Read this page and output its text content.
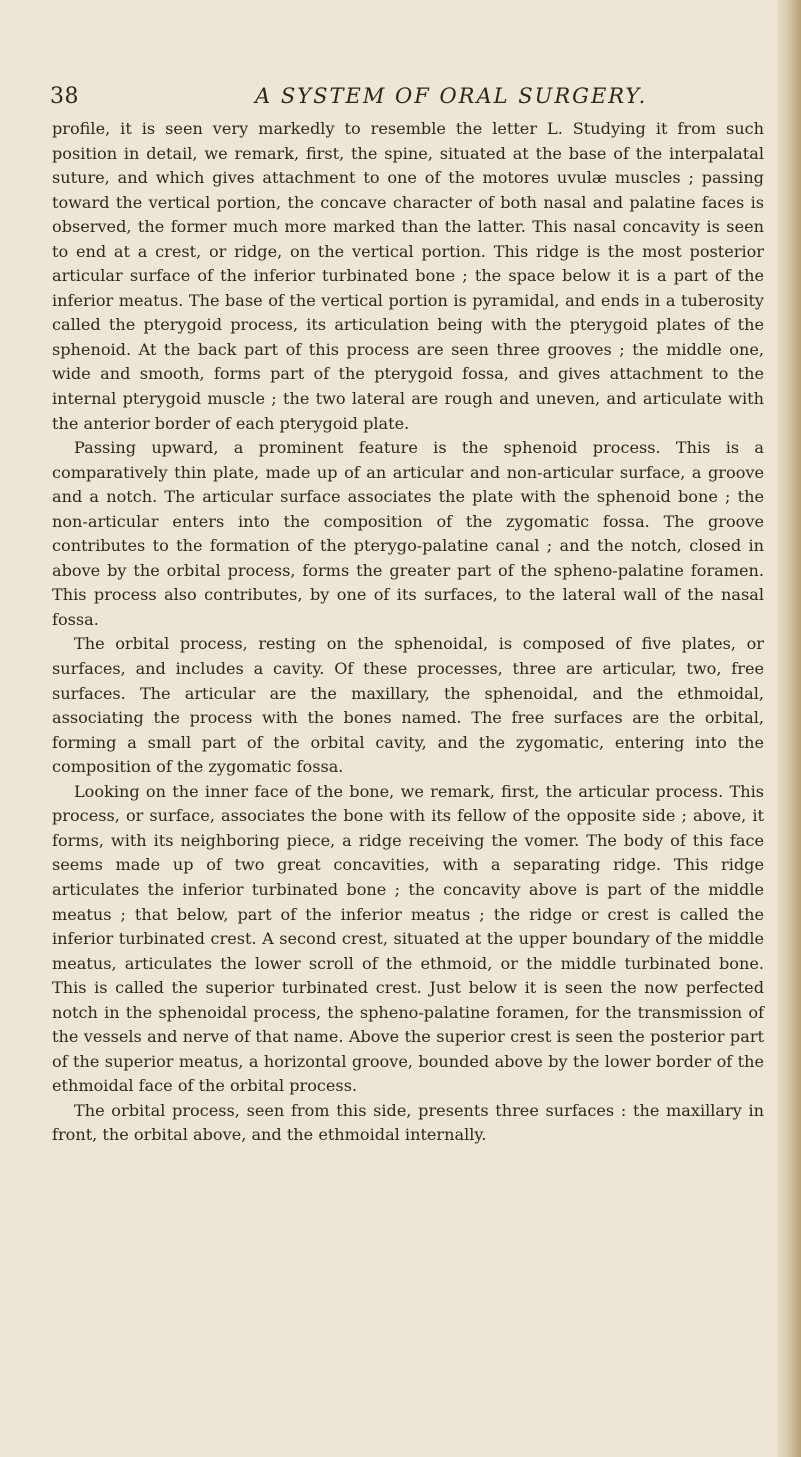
38	A SYSTEM OF ORAL SURGERY.

profile, it is seen very markedly to resemble the letter L. Studying it from such position in detail, we remark, first, the spine, situated at the base of the interpalatal suture, and which gives attachment to one of the motores uvulæ muscles ; passing toward the vertical portion, the concave character of both nasal and palatine faces is observed, the former much more marked than the latter. This nasal concavity is seen to end at a crest, or ridge, on the vertical portion. This ridge is the most posterior articular surface of the inferior turbinated bone ; the space below it is a part of the inferior meatus. The base of the vertical portion is pyramidal, and ends in a tuberosity called the pterygoid process, its articulation being with the pterygoid plates of the sphenoid. At the back part of this process are seen three grooves ; the middle one, wide and smooth, forms part of the pterygoid fossa, and gives attachment to the internal pterygoid muscle ; the two lateral are rough and uneven, and articulate with the anterior border of each pterygoid plate.

Passing upward, a prominent feature is the sphenoid process. This is a comparatively thin plate, made up of an articular and non-articular surface, a groove and a notch. The articular surface associates the plate with the sphenoid bone ; the non-articular enters into the composition of the zygomatic fossa. The groove contributes to the formation of the pterygo-palatine canal ; and the notch, closed in above by the orbital process, forms the greater part of the spheno-palatine foramen. This process also contributes, by one of its surfaces, to the lateral wall of the nasal fossa.

The orbital process, resting on the sphenoidal, is composed of five plates, or surfaces, and includes a cavity. Of these processes, three are articular, two, free surfaces. The articular are the maxillary, the sphenoidal, and the ethmoidal, associating the process with the bones named. The free surfaces are the orbital, forming a small part of the orbital cavity, and the zygomatic, entering into the composition of the zygomatic fossa.

Looking on the inner face of the bone, we remark, first, the articular process. This process, or surface, associates the bone with its fellow of the opposite side ; above, it forms, with its neighboring piece, a ridge receiving the vomer. The body of this face seems made up of two great concavities, with a separating ridge. This ridge articulates the inferior turbinated bone ; the concavity above is part of the middle meatus ; that below, part of the inferior meatus ; the ridge or crest is called the inferior turbinated crest. A second crest, situated at the upper boundary of the middle meatus, articulates the lower scroll of the ethmoid, or the middle turbinated bone. This is called the superior turbinated crest. Just below it is seen the now perfected notch in the sphenoidal process, the spheno-palatine foramen, for the transmission of the vessels and nerve of that name. Above the superior crest is seen the posterior part of the superior meatus, a horizontal groove, bounded above by the lower border of the ethmoidal face of the orbital process.

The orbital process, seen from this side, presents three surfaces : the maxillary in front, the orbital above, and the ethmoidal internally.
